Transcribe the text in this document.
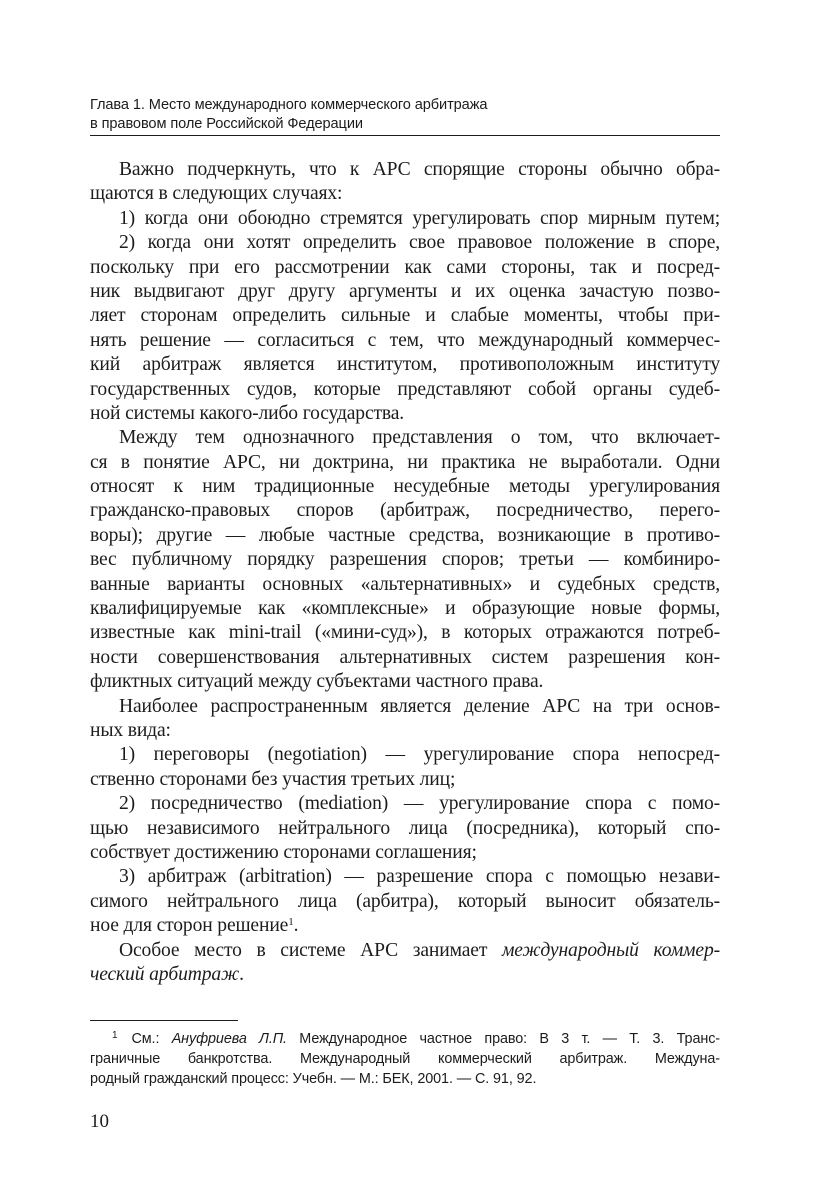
Глава 1. Место международного коммерческого арбитража
в правовом поле Российской Федерации
Важно подчеркнуть, что к АРС спорящие стороны обычно обра-
щаются в следующих случаях:
1) когда они обоюдно стремятся урегулировать спор мирным путем;
2) когда они хотят определить свое правовое положение в споре,
поскольку при его рассмотрении как сами стороны, так и посред-
ник выдвигают друг другу аргументы и их оценка зачастую позво-
ляет сторонам определить сильные и слабые моменты, чтобы при-
нять решение — согласиться с тем, что международный коммерчес-
кий арбитраж является институтом, противоположным институту
государственных судов, которые представляют собой органы судеб-
ной системы какого-либо государства.
Между тем однозначного представления о том, что включает-
ся в понятие АРС, ни доктрина, ни практика не выработали. Одни
относят к ним традиционные несудебные методы урегулирования
гражданско-правовых споров (арбитраж, посредничество, перего-
воры); другие — любые частные средства, возникающие в противо-
вес публичному порядку разрешения споров; третьи — комбиниро-
ванные варианты основных «альтернативных» и судебных средств,
квалифицируемые как «комплексные» и образующие новые формы,
известные как mini-trail («мини-суд»), в которых отражаются потреб-
ности совершенствования альтернативных систем разрешения кон-
фликтных ситуаций между субъектами частного права.
Наиболее распространенным является деление АРС на три основ-
ных вида:
1) переговоры (negotiation) — урегулирование спора непосред-
ственно сторонами без участия третьих лиц;
2) посредничество (mediation) — урегулирование спора с помо-
щью независимого нейтрального лица (посредника), который спо-
собствует достижению сторонами соглашения;
3) арбитраж (arbitration) — разрешение спора с помощью незави-
симого нейтрального лица (арбитра), который выносит обязатель-
ное для сторон решение$^1$.
Особое место в системе АРС занимает международный коммер-
ческий арбитраж.
$^1$ См.: Ануфриева Л.П. Международное частное право: В 3 т. — Т. 3. Транс-
граничные банкротства. Международный коммерческий арбитраж. Междуна-
родный гражданский процесс: Учебн. — М.: БЕК, 2001. — С. 91, 92.
10
